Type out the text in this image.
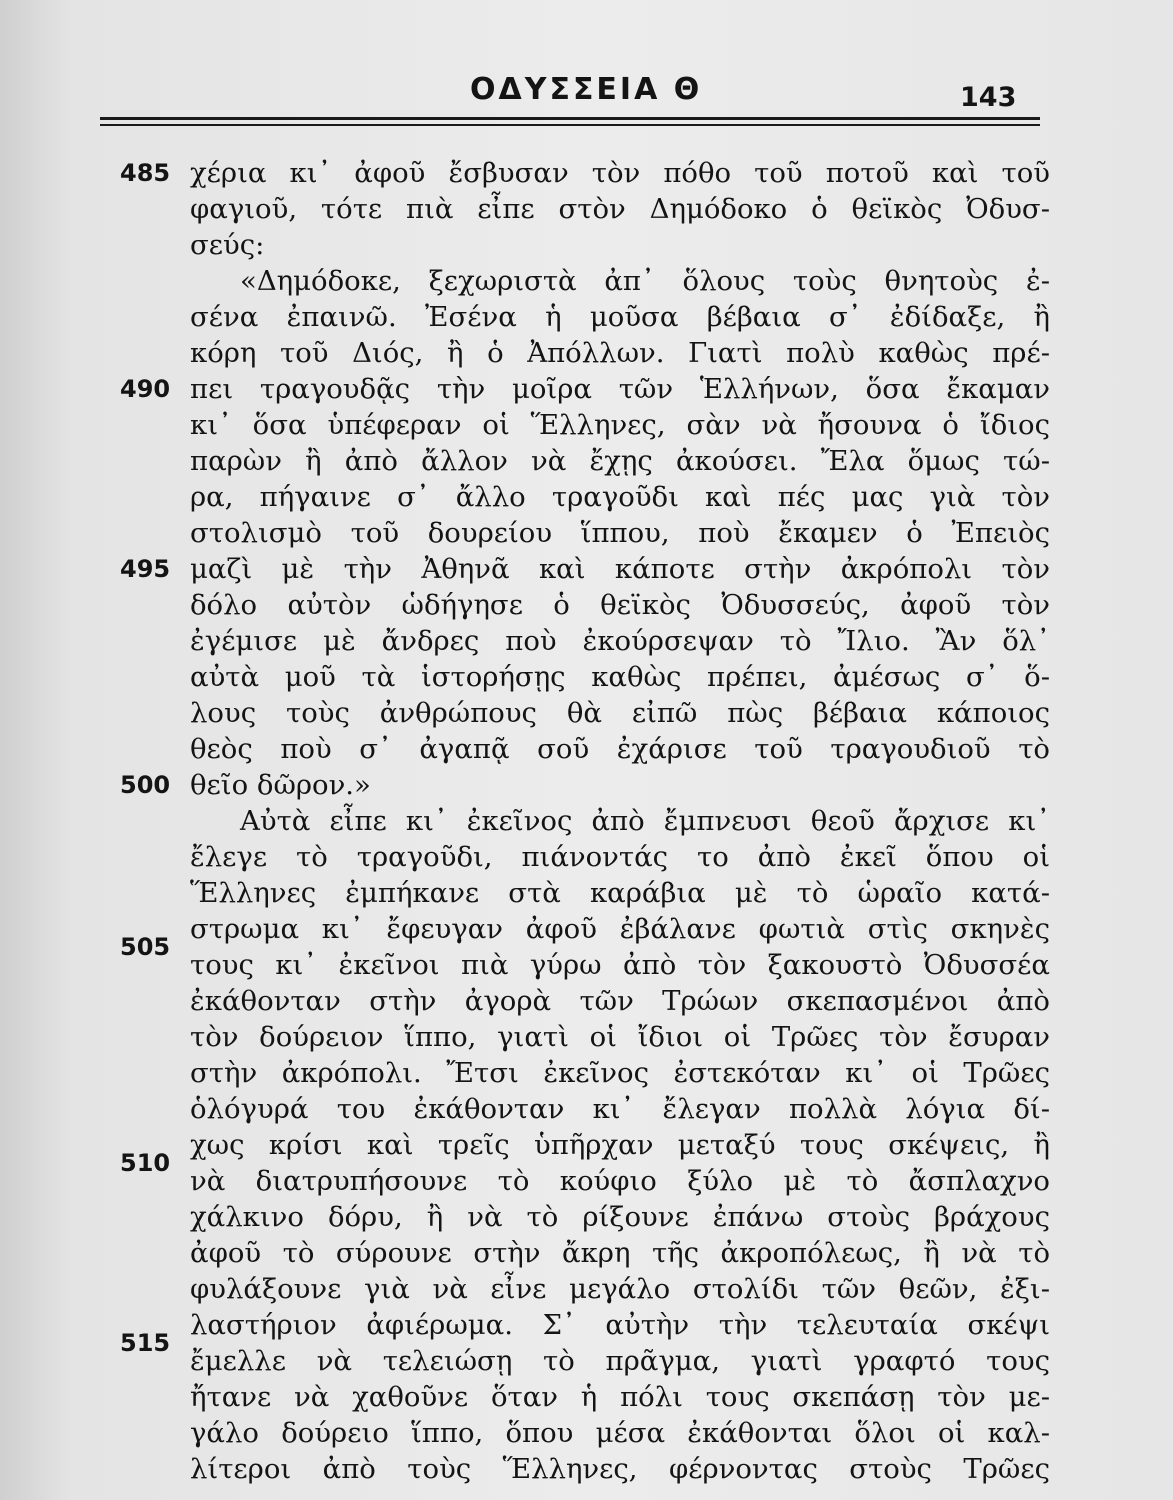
ΟΔΥΣΣΕΙΑ Θ	143
485
490
495
500
505
510
515
χέρια κι᾽ ἀφοῦ ἔσβυσαν τὸν πόθο τοῦ ποτοῦ καὶ τοῦ
φαγιοῦ, τότε πιὰ εἶπε στὸν Δημόδοκο ὁ θεϊκὸς Ὀδυσ-
σεύς:
«Δημόδοκε, ξεχωριστὰ ἀπ᾽ ὅλους τοὺς θνητοὺς ἐ-
σένα ἐπαινῶ. Ἐσένα ἡ μοῦσα βέβαια σ᾽ ἐδίδαξε, ἢ
κόρη τοῦ Διός, ἢ ὁ Ἀπόλλων. Γιατὶ πολὺ καθὼς πρέ-
πει τραγουδᾷς τὴν μοῖρα τῶν Ἑλλήνων, ὅσα ἔκαμαν
κι᾽ ὅσα ὑπέφεραν οἱ Ἕλληνες, σὰν νὰ ἤσουνα ὁ ἴδιος
παρὼν ἢ ἀπὸ ἄλλον νὰ ἔχῃς ἀκούσει. Ἔλα ὅμως τώ-
ρα, πήγαινε σ᾽ ἄλλο τραγοῦδι καὶ πές μας γιὰ τὸν
στολισμὸ τοῦ δουρείου ἵππου, ποὺ ἔκαμεν ὁ Ἐπειὸς
μαζὶ μὲ τὴν Ἀθηνᾶ καὶ κάποτε στὴν ἀκρόπολι τὸν
δόλο αὐτὸν ὡδήγησε ὁ θεϊκὸς Ὀδυσσεύς, ἀφοῦ τὸν
ἐγέμισε μὲ ἄνδρες ποὺ ἐκούρσεψαν τὸ Ἴλιο. Ἂν ὅλ᾽
αὐτὰ μοῦ τὰ ἱστορήσῃς καθὼς πρέπει, ἀμέσως σ᾽ ὅ-
λους τοὺς ἀνθρώπους θὰ εἰπῶ πὼς βέβαια κάποιος
θεὸς ποὺ σ᾽ ἀγαπᾷ σοῦ ἐχάρισε τοῦ τραγουδιοῦ τὸ
θεῖο δῶρον.»
Αὐτὰ εἶπε κι᾽ ἐκεῖνος ἀπὸ ἔμπνευσι θεοῦ ἄρχισε κι᾽
ἔλεγε τὸ τραγοῦδι, πιάνοντάς το ἀπὸ ἐκεῖ ὅπου οἱ
Ἕλληνες ἐμπήκανε στὰ καράβια μὲ τὸ ὡραῖο κατά-
στρωμα κι᾽ ἔφευγαν ἀφοῦ ἐβάλανε φωτιὰ στὶς σκηνὲς
τους κι᾽ ἐκεῖνοι πιὰ γύρω ἀπὸ τὸν ξακουστὸ Ὀδυσσέα
ἐκάθονταν στὴν ἀγορὰ τῶν Τρώων σκεπασμένοι ἀπὸ
τὸν δούρειον ἵππο, γιατὶ οἱ ἴδιοι οἱ Τρῶες τὸν ἔσυραν
στὴν ἀκρόπολι. Ἔτσι ἐκεῖνος ἐστεκόταν κι᾽ οἱ Τρῶες
ὁλόγυρά του ἐκάθονταν κι᾽ ἔλεγαν πολλὰ λόγια δί-
χως κρίσι καὶ τρεῖς ὑπῆρχαν μεταξύ τους σκέψεις, ἢ
νὰ διατρυπήσουνε τὸ κούφιο ξύλο μὲ τὸ ἄσπλαχνο
χάλκινο δόρυ, ἢ νὰ τὸ ρίξουνε ἐπάνω στοὺς βράχους
ἀφοῦ τὸ σύρουνε στὴν ἄκρη τῆς ἀκροπόλεως, ἢ νὰ τὸ
φυλάξουνε γιὰ νὰ εἶνε μεγάλο στολίδι τῶν θεῶν, ἐξι-
λαστήριον ἀφιέρωμα. Σ᾽ αὐτὴν τὴν τελευταία σκέψι
ἔμελλε νὰ τελειώσῃ τὸ πρᾶγμα, γιατὶ γραφτό τους
ἤτανε νὰ χαθοῦνε ὅταν ἡ πόλι τους σκεπάσῃ τὸν με-
γάλο δούρειο ἵππο, ὅπου μέσα ἐκάθονται ὅλοι οἱ καλ-
λίτεροι ἀπὸ τοὺς Ἕλληνες, φέρνοντας στοὺς Τρῶες
